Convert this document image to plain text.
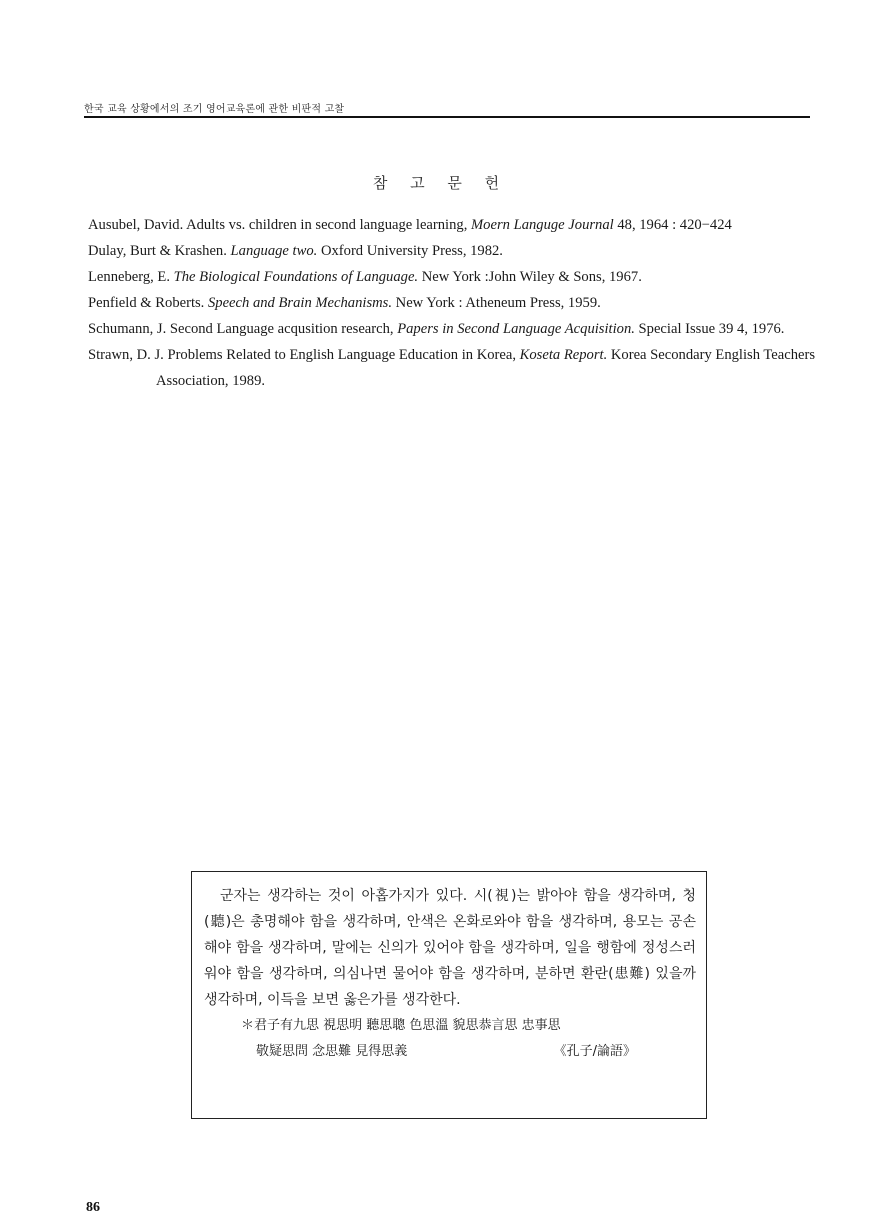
한국 교육 상황에서의 조기 영어교육론에 관한 비판적 고찰
참 고 문 헌

Ausubel, David. Adults vs. children in second language learning, Moern Languge Journal 48, 1964 : 420−424

Dulay, Burt & Krashen. Language two. Oxford University Press, 1982.

Lenneberg, E. The Biological Foundations of Language. New York :John Wiley & Sons, 1967.

Penfield & Roberts. Speech and Brain Mechanisms. New York : Atheneum Press, 1959.

Schumann, J. Second Language acqusition research, Papers in Second Language Acquisition. Special Issue 39 4, 1976.

Strawn, D. J. Problems Related to English Language Education in Korea, Koseta Report. Korea Secondary English Teachers Association, 1989.

군자는 생각하는 것이 아홉가지가 있다. 시(視)는 밝아야 함을 생각하며, 청(聽)은 총명해야 함을 생각하며, 안색은 온화로와야 함을 생각하며, 용모는 공손해야 함을 생각하며, 말에는 신의가 있어야 함을 생각하며, 일을 행함에 정성스러워야 함을 생각하며, 의심나면 물어야 함을 생각하며, 분하면 환란(患難) 있을까 생각하며, 이득을 보면 옳은가를 생각한다.

＊君子有九思 視思明 聽思聰 色思溫 貌思恭言思 忠事思

敬疑思問 念思難 見得思義	《孔子/論語》

86
